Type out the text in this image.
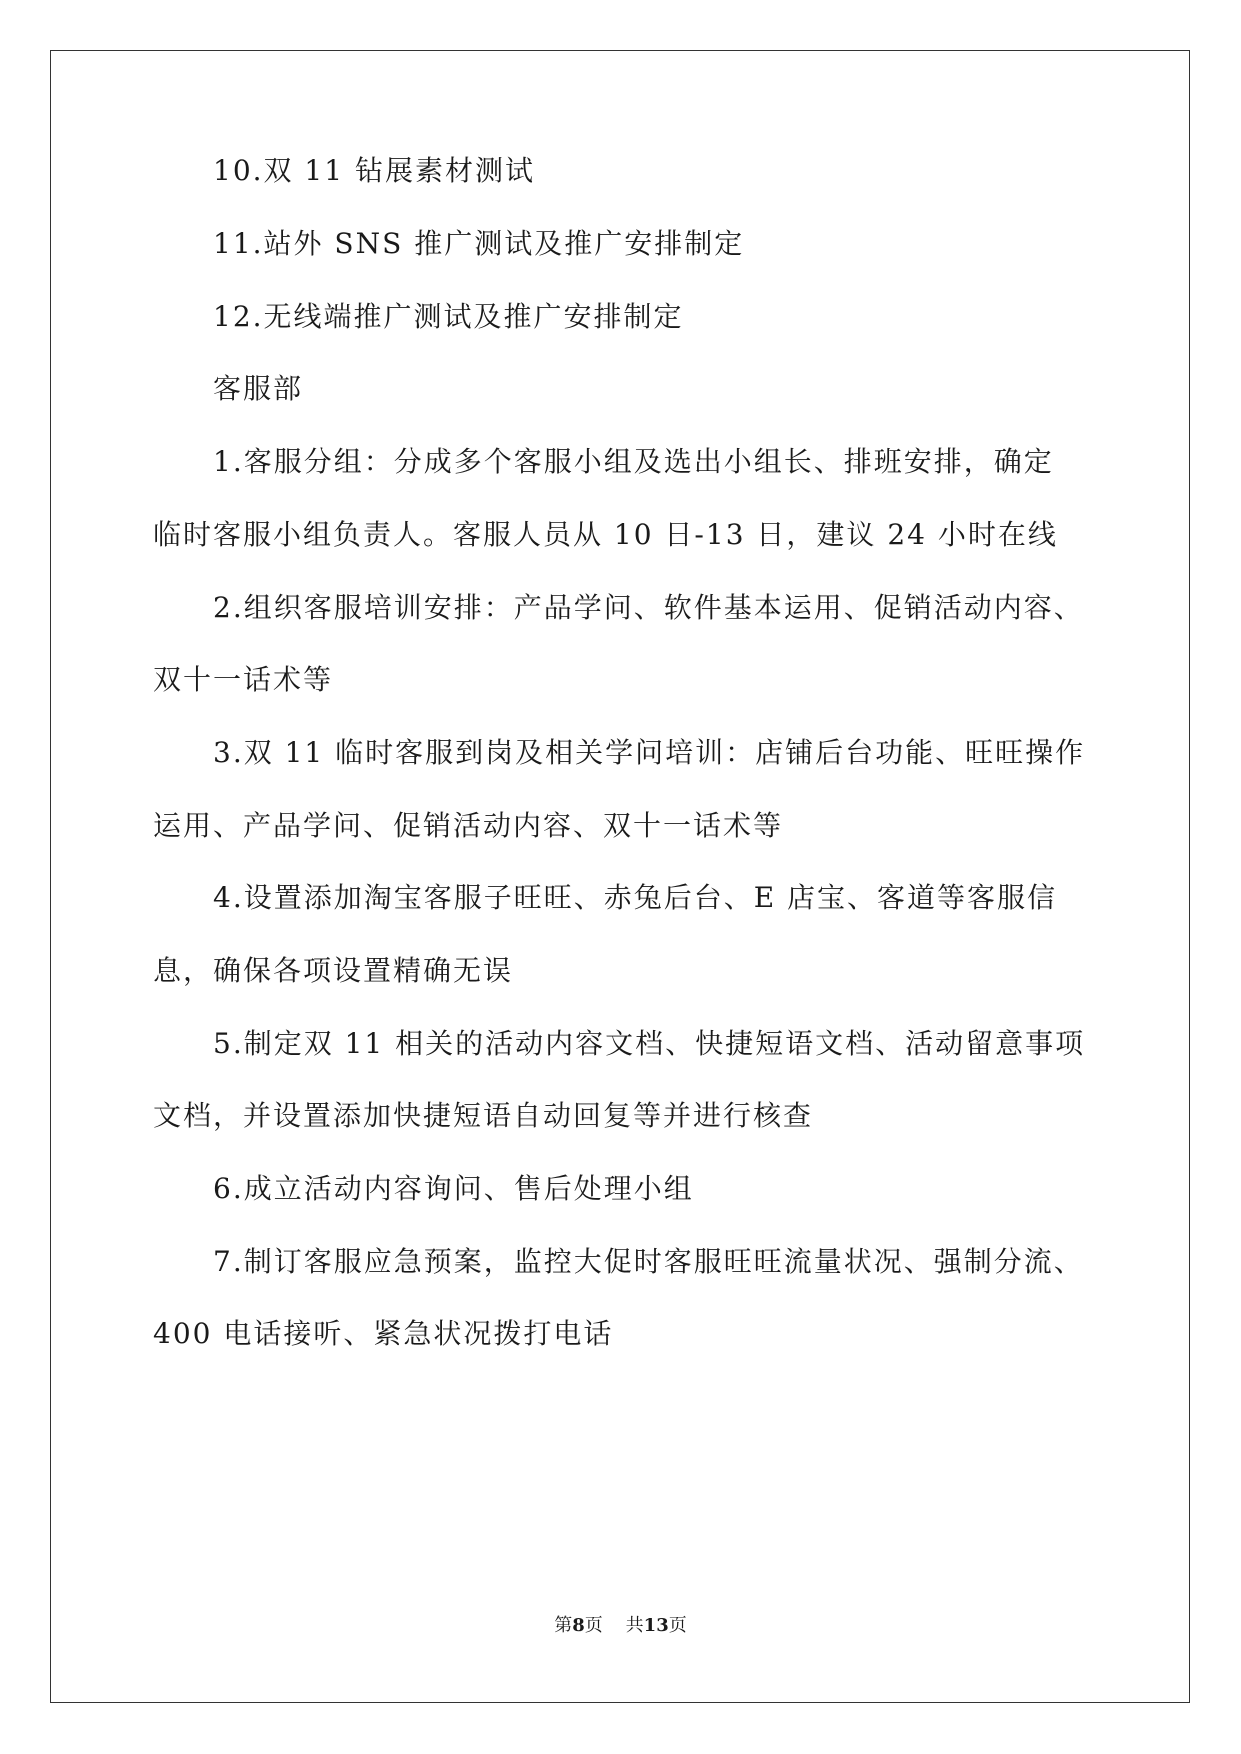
10.双 11 钻展素材测试
11.站外 SNS 推广测试及推广安排制定
12.无线端推广测试及推广安排制定
客服部
1.客服分组：分成多个客服小组及选出小组长、排班安排，确定
临时客服小组负责人。客服人员从 10 日-13 日，建议 24 小时在线
2.组织客服培训安排：产品学问、软件基本运用、促销活动内容、
双十一话术等
3.双 11 临时客服到岗及相关学问培训：店铺后台功能、旺旺操作
运用、产品学问、促销活动内容、双十一话术等
4.设置添加淘宝客服子旺旺、赤兔后台、E 店宝、客道等客服信
息，确保各项设置精确无误
5.制定双 11 相关的活动内容文档、快捷短语文档、活动留意事项
文档，并设置添加快捷短语自动回复等并进行核查
6.成立活动内容询问、售后处理小组
7.制订客服应急预案，监控大促时客服旺旺流量状况、强制分流、
400 电话接听、紧急状况拨打电话
第8页 共13页
